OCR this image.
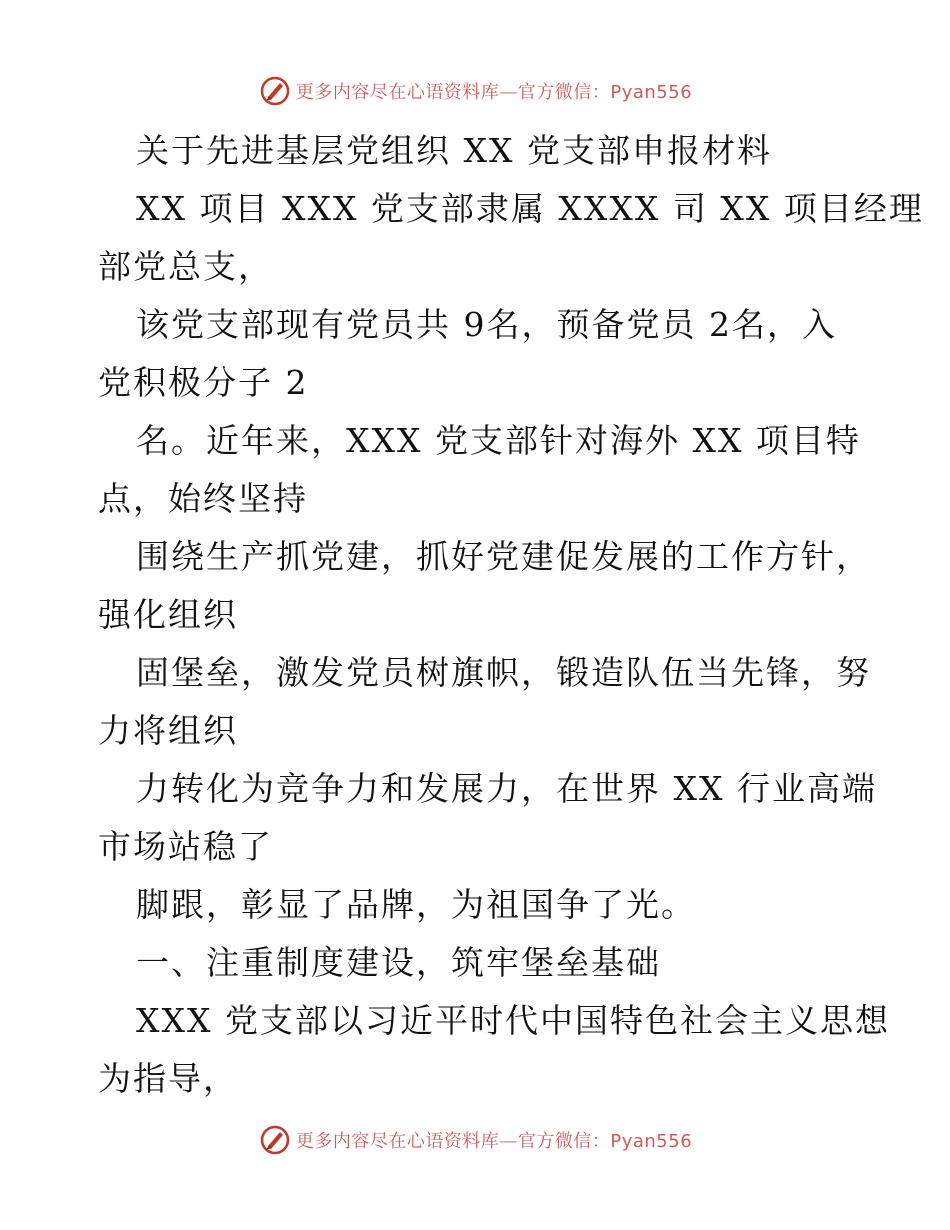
更多内容尽在心语资料库—官方微信：Pyan556
关于先进基层党组织 XX 党支部申报材料
XX 项目 XXX 党支部隶属 XXXX 司 XX 项目经理
部党总支，
该党支部现有党员共 9名，预备党员 2名，入
党积极分子 2
名。近年来，XXX 党支部针对海外 XX 项目特
点，始终坚持
围绕生产抓党建，抓好党建促发展的工作方针，
强化组织
固堡垒，激发党员树旗帜，锻造队伍当先锋，努
力将组织
力转化为竞争力和发展力，在世界 XX 行业高端
市场站稳了
脚跟，彰显了品牌，为祖国争了光。
一、注重制度建设，筑牢堡垒基础
XXX 党支部以习近平时代中国特色社会主义思想
为指导，
更多内容尽在心语资料库—官方微信：Pyan556
